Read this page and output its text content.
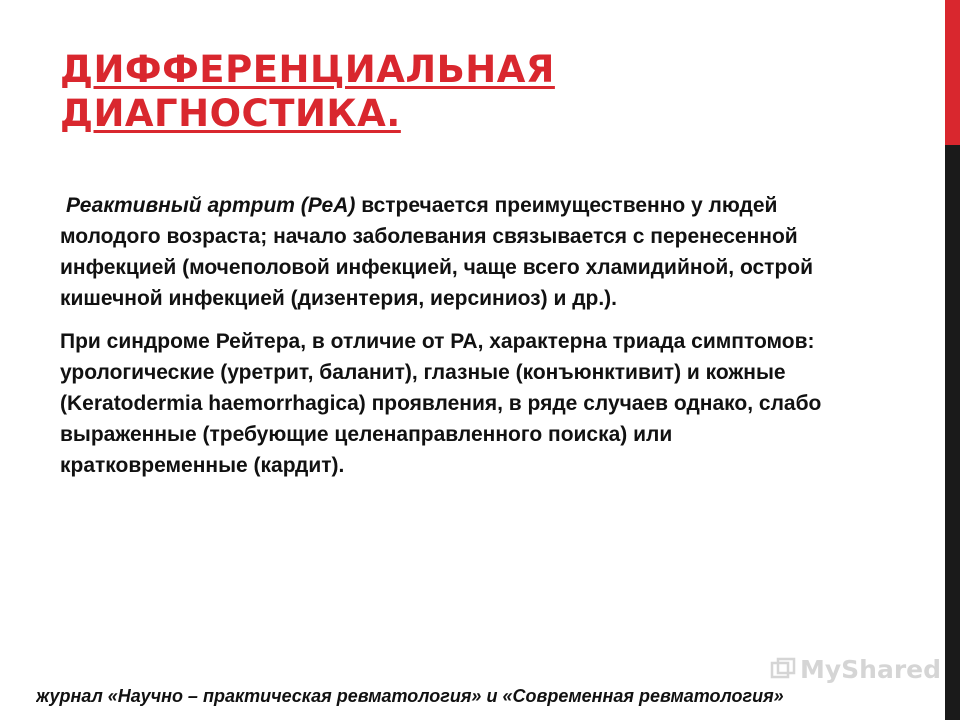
ДИФФЕРЕНЦИАЛЬНАЯ
ДИАГНОСТИКА.

Реактивный артрит (РеА) встречается преимущественно у людей молодого возраста; начало заболевания связывается с перенесенной инфекцией (мочеполовой инфекцией, чаще всего хламидийной, острой кишечной инфекцией (дизентерия, иерсиниоз) и др.).

При синдроме Рейтера, в отличие от РА, характерна триада симптомов: урологические (уретрит, баланит), глазные (конъюнктивит) и кожные (Keratodermia haemorrhagica) проявления, в ряде случаев однако, слабо выраженные (требующие целенаправленного поиска) или кратковременные (кардит).

MyShared
журнал «Научно – практическая ревматология» и «Современная ревматология»
